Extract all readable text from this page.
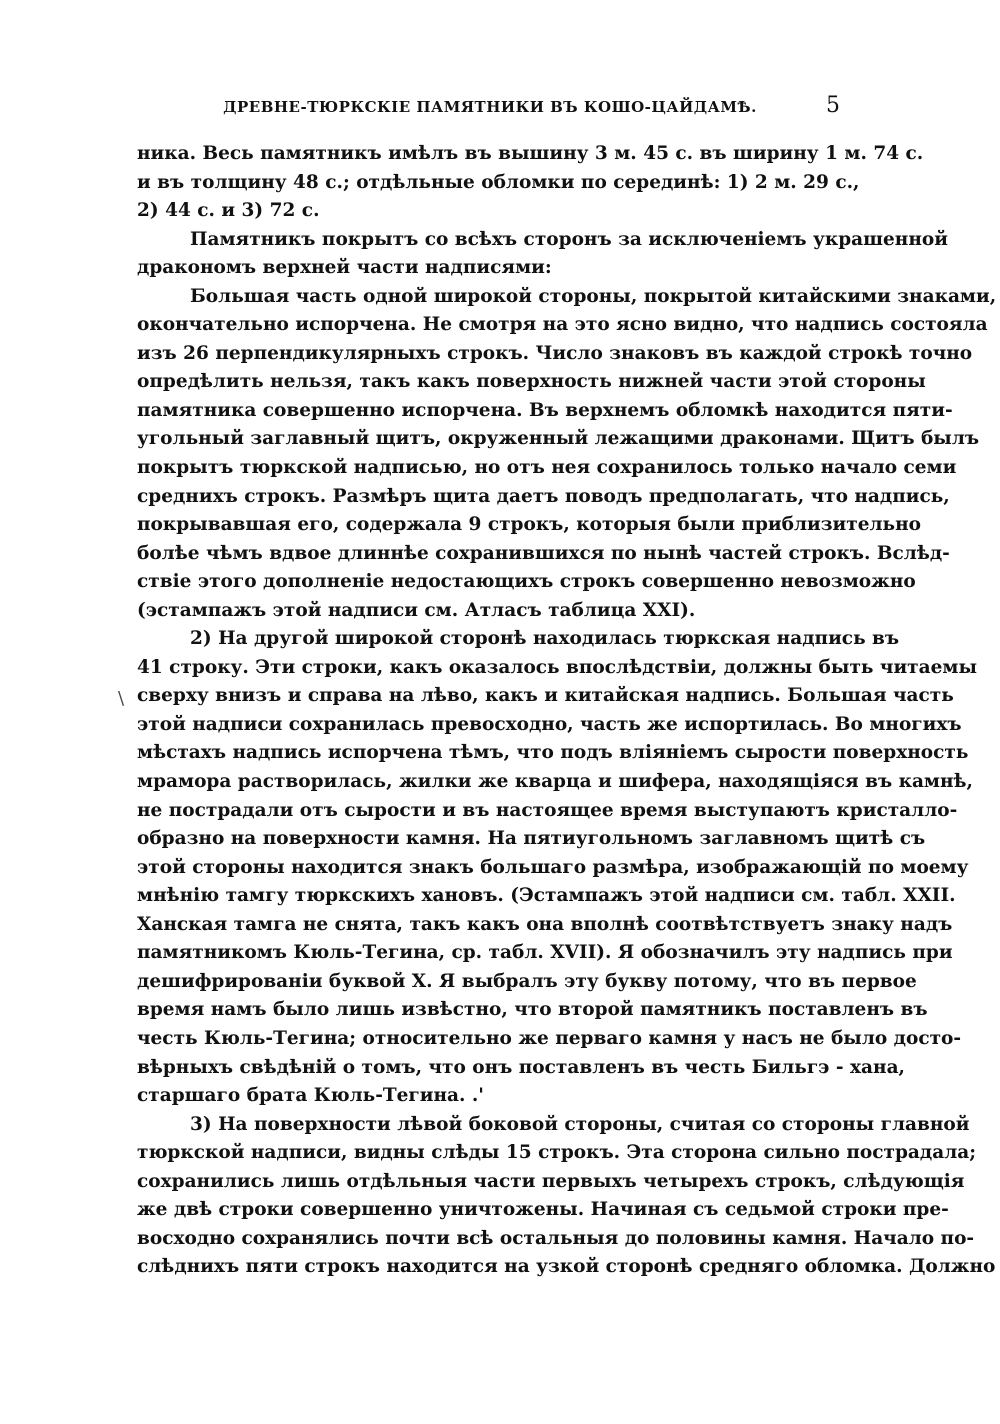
ДРЕВНЕ-ТЮРКСКІЕ ПАМЯТНИКИ ВЪ КОШО-ЦАЙДАМѢ.	5
\
ника. Весь памятникъ имѣлъ въ вышину 3 м. 45 с. въ ширину 1 м. 74 с.
и въ толщину 48 с.; отдѣльные обломки по серединѣ: 1) 2 м. 29 с.,
2) 44 с. и 3) 72 с.
Памятникъ покрытъ со всѣхъ сторонъ за исключеніемъ украшенной
дракономъ верхней части надписями:
Большая часть одной широкой стороны, покрытой китайскими знаками,
окончательно испорчена. Не смотря на это ясно видно, что надпись состояла
изъ 26 перпендикулярныхъ строкъ. Число знаковъ въ каждой строкѣ точно
опредѣлить нельзя, такъ какъ поверхность нижней части этой стороны
памятника совершенно испорчена. Въ верхнемъ обломкѣ находится пяти-
угольный заглавный щитъ, окруженный лежащими драконами. Щитъ былъ
покрытъ тюркской надписью, но отъ нея сохранилось только начало семи
среднихъ строкъ. Размѣръ щита даетъ поводъ предполагать, что надпись,
покрывавшая его, содержала 9 строкъ, которыя были приблизительно
болѣе чѣмъ вдвое длиннѣе сохранившихся по нынѣ частей строкъ. Вслѣд-
ствіе этого дополненіе недостающихъ строкъ совершенно невозможно
(эстампажъ этой надписи см. Атласъ таблица XXI).
2) На другой широкой сторонѣ находилась тюркская надпись въ
41 строку. Эти строки, какъ оказалось впослѣдствіи, должны быть читаемы
сверху внизъ и справа на лѣво, какъ и китайская надпись. Большая часть
этой надписи сохранилась превосходно, часть же испортилась. Во многихъ
мѣстахъ надпись испорчена тѣмъ, что подъ вліяніемъ сырости поверхность
мрамора растворилась, жилки же кварца и шифера, находящіяся въ камнѣ,
не пострадали отъ сырости и въ настоящее время выступаютъ кристалло-
образно на поверхности камня. На пятиугольномъ заглавномъ щитѣ съ
этой стороны находится знакъ большаго размѣра, изображающій по моему
мнѣнію тамгу тюркскихъ хановъ. (Эстампажъ этой надписи см. табл. XXII.
Ханская тамга не снята, такъ какъ она вполнѣ соотвѣтствуетъ знаку надъ
памятникомъ Кюль-Тегина, ср. табл. XVII). Я обозначилъ эту надпись при
дешифрированіи буквой X. Я выбралъ эту букву потому, что въ первое
время намъ было лишь извѣстно, что второй памятникъ поставленъ въ
честь Кюль-Тегина; относительно же перваго камня у насъ не было досто-
вѣрныхъ свѣдѣній о томъ, что онъ поставленъ въ честь Бильгэ - хана,
старшаго брата Кюль-Тегина. .'
3) На поверхности лѣвой боковой стороны, считая со стороны главной
тюркской надписи, видны слѣды 15 строкъ. Эта сторона сильно пострадала;
сохранились лишь отдѣльныя части первыхъ четырехъ строкъ, слѣдующія
же двѣ строки совершенно уничтожены. Начиная съ седьмой строки пре-
восходно сохранялись почти всѣ остальныя до половины камня. Начало по-
слѣднихъ пяти строкъ находится на узкой сторонѣ средняго обломка. Должно
